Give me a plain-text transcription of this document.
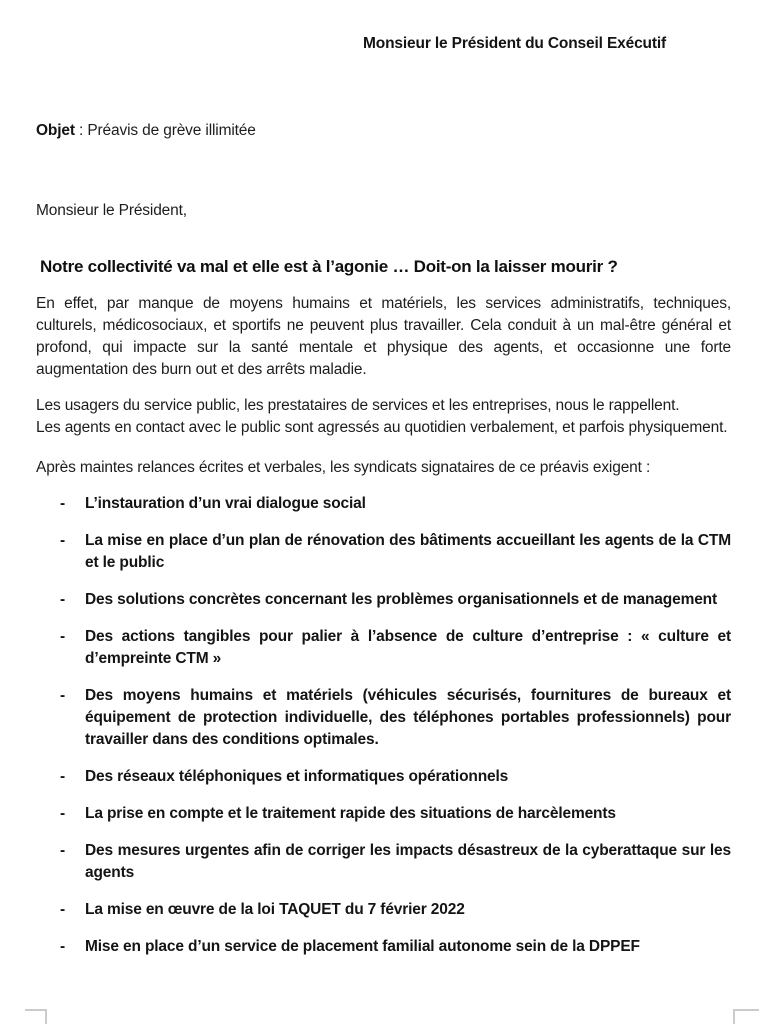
Monsieur le Président du Conseil Exécutif
Objet : Préavis de grève illimitée
Monsieur le Président,
Notre collectivité va mal et elle est à l’agonie … Doit-on la laisser mourir ?

En effet, par manque de moyens humains et matériels, les services administratifs, techniques, culturels, médicosociaux, et sportifs ne peuvent plus travailler. Cela conduit à un mal-être général et profond, qui impacte sur la santé mentale et physique des agents, et occasionne une forte augmentation des burn out et des arrêts maladie.

Les usagers du service public, les prestataires de services et les entreprises, nous le rappellent.

Les agents en contact avec le public sont agressés au quotidien verbalement, et parfois physiquement.

Après maintes relances écrites et verbales, les syndicats signataires de ce préavis exigent :

-	L’instauration d’un vrai dialogue social
-	La mise en place d’un plan de rénovation des bâtiments accueillant les agents de la CTM et le public
-	Des solutions concrètes concernant les problèmes organisationnels et de management
-	Des actions tangibles pour palier à l’absence de culture d’entreprise : « culture et d’empreinte CTM »
-	Des moyens humains et matériels (véhicules sécurisés, fournitures de bureaux et équipement de protection individuelle, des téléphones portables professionnels) pour travailler dans des conditions optimales.
-	Des réseaux téléphoniques et informatiques opérationnels
-	La prise en compte et le traitement rapide des situations de harcèlements
-	Des mesures urgentes afin de corriger les impacts désastreux de la cyberattaque sur les agents
-	La mise en œuvre de la loi TAQUET du 7 février 2022
-	Mise en place d’un service de placement familial autonome sein de la DPPEF
